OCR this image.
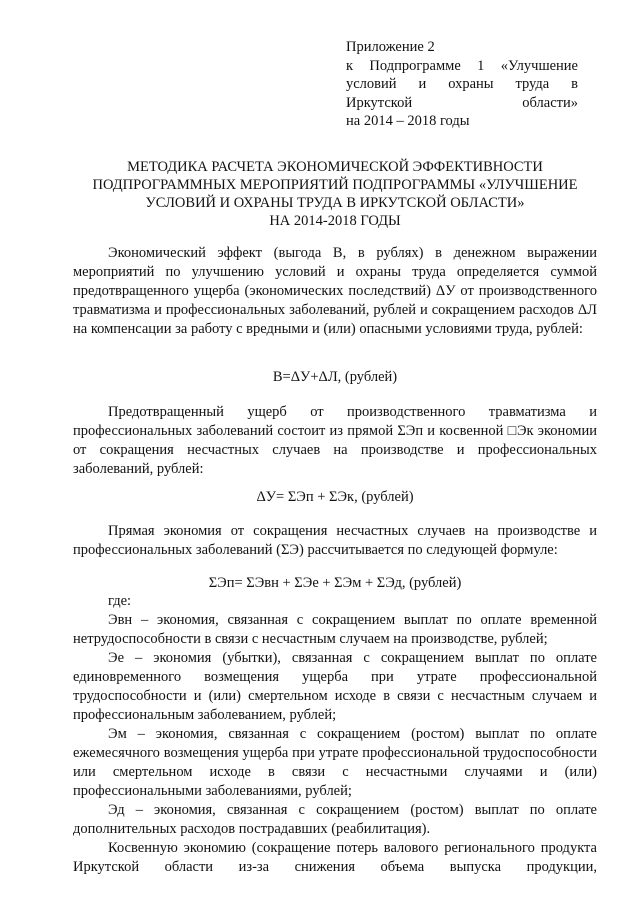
Приложение 2
к Подпрограмме 1 «Улучшение
условий и охраны труда в
Иркутской области»
на 2014 – 2018 годы
МЕТОДИКА РАСЧЕТА ЭКОНОМИЧЕСКОЙ ЭФФЕКТИВНОСТИ
ПОДПРОГРАММНЫХ МЕРОПРИЯТИЙ ПОДПРОГРАММЫ «УЛУЧШЕНИЕ
УСЛОВИЙ И ОХРАНЫ ТРУДА В ИРКУТСКОЙ ОБЛАСТИ»
НА 2014-2018 ГОДЫ

Экономический эффект (выгода В, в рублях) в денежном выражении мероприятий по улучшению условий и охраны труда определяется суммой предотвращенного ущерба (экономических последствий) ΔУ от производственного травматизма и профессиональных заболеваний, рублей и сокращением расходов ΔЛ на компенсации за работу с вредными и (или) опасными условиями труда, рублей:

В=ΔУ+ΔЛ, (рублей)

Предотвращенный ущерб от производственного травматизма и профессиональных заболеваний состоит из прямой ΣЭп и косвенной □Эк экономии от сокращения несчастных случаев на производстве и профессиональных заболеваний, рублей:

ΔУ= ΣЭп + ΣЭк, (рублей)

Прямая экономия от сокращения несчастных случаев на производстве и профессиональных заболеваний (ΣЭ) рассчитывается по следующей формуле:

ΣЭп= ΣЭвн + ΣЭе + ΣЭм + ΣЭд, (рублей)
где:

Эвн – экономия, связанная с сокращением выплат по оплате временной нетрудоспособности в связи с несчастным случаем на производстве, рублей;

Эе – экономия (убытки), связанная с сокращением выплат по оплате единовременного возмещения ущерба при утрате профессиональной трудоспособности и (или) смертельном исходе в связи с несчастным случаем и профессиональным заболеванием, рублей;

Эм – экономия, связанная с сокращением (ростом) выплат по оплате ежемесячного возмещения ущерба при утрате профессиональной трудоспособности или смертельном исходе в связи с несчастными случаями и (или) профессиональными заболеваниями, рублей;

Эд – экономия, связанная с сокращением (ростом) выплат по оплате дополнительных расходов пострадавших (реабилитация).

Косвенную экономию (сокращение потерь валового регионального продукта Иркутской области из-за снижения объема выпуска продукции,
